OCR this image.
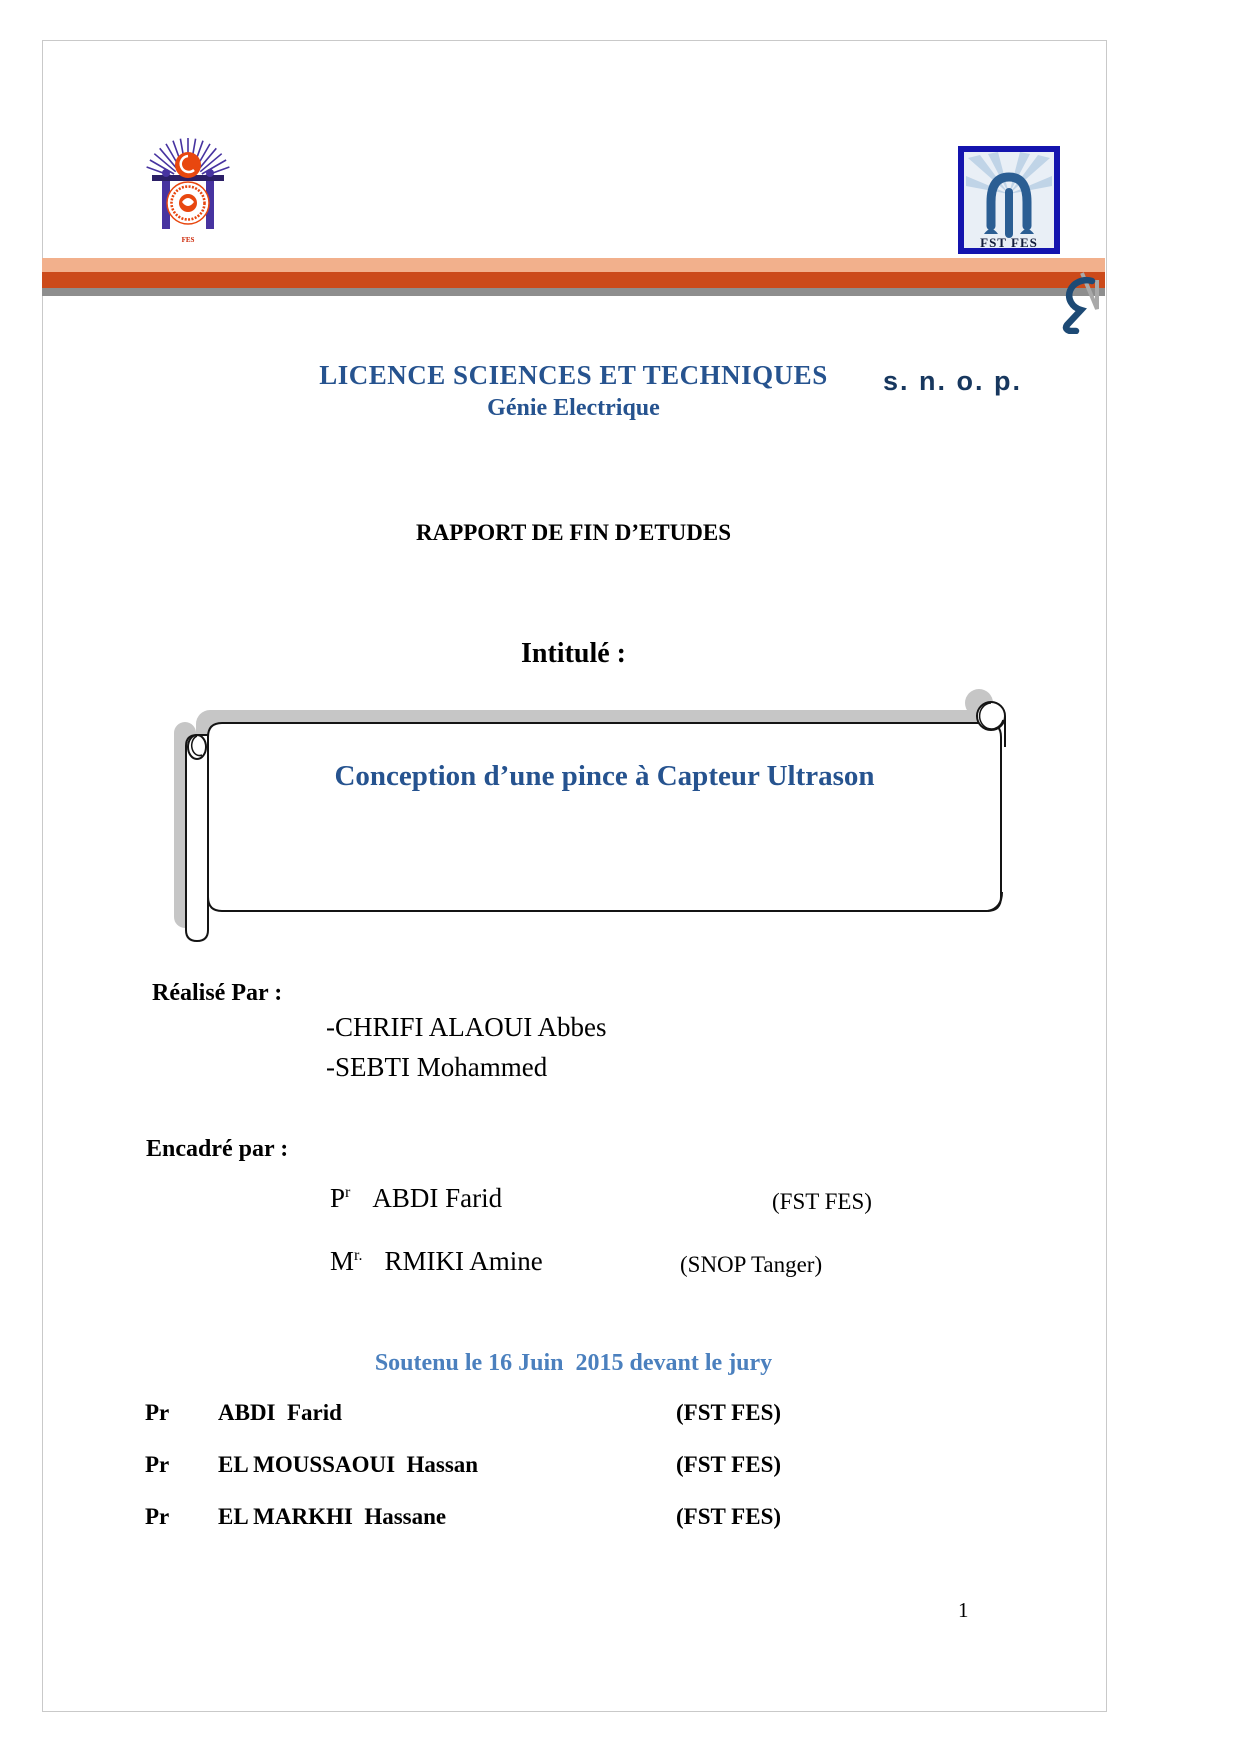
FES	FST FES
s. n. o. p.
LICENCE SCIENCES ET TECHNIQUES
Génie Electrique
RAPPORT DE FIN D’ETUDES
Intitulé :
Conception d’une pince à Capteur Ultrason
Réalisé Par :
-CHRIFI ALAOUI Abbes
-SEBTI Mohammed
Encadré par :
$P^r$ ABDI Farid	(FST FES)
$M^{r.}$ RMIKI Amine	(SNOP Tanger)
Soutenu le 16 Juin  2015 devant le jury
Pr ABDI  Farid	(FST FES)
Pr EL MOUSSAOUI  Hassan	(FST FES)
Pr EL MARKHI  Hassane	(FST FES)
1
